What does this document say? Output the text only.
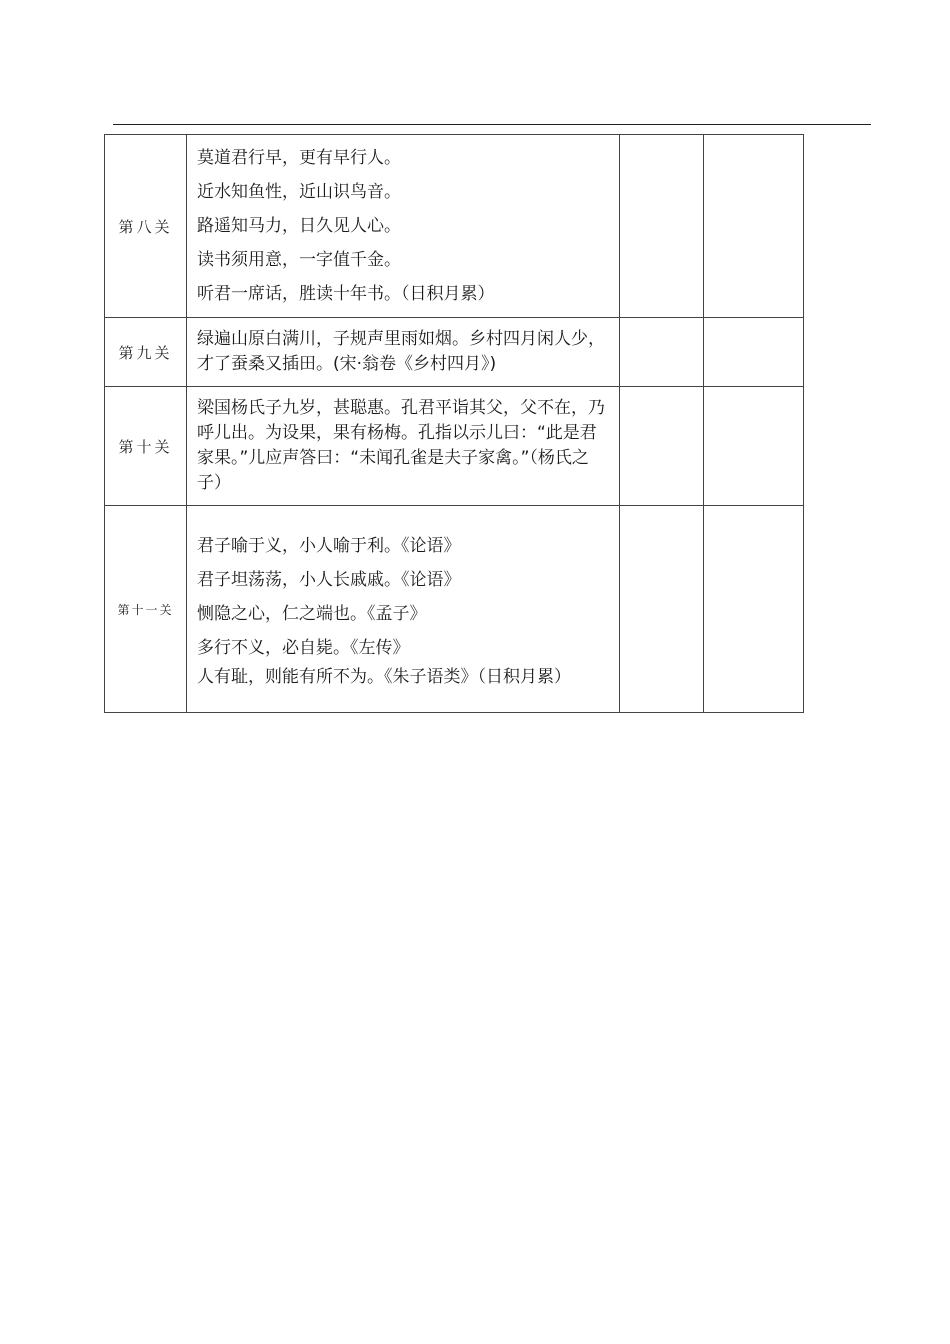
第八关	莫道君行早，更有早行人。
近水知鱼性，近山识鸟音。
路遥知马力，日久见人心。
读书须用意，一字值千金。
听君一席话，胜读十年书。（日积月累）		

第九关	绿遍山原白满川，子规声里雨如烟。乡村四月闲人少，才了蚕桑又插田。(宋·翁卷《乡村四月》)		

第十关	梁国杨氏子九岁，甚聪惠。孔君平诣其父，父不在，乃呼儿出。为设果，果有杨梅。孔指以示儿曰：“此是君家果。”儿应声答曰：“未闻孔雀是夫子家禽。”（杨氏之子）		

第十一关	君子喻于义，小人喻于利。《论语》
君子坦荡荡，小人长戚戚。《论语》
恻隐之心，仁之端也。《孟子》
多行不义，必自毙。《左传》
人有耻，则能有所不为。《朱子语类》（日积月累）		
